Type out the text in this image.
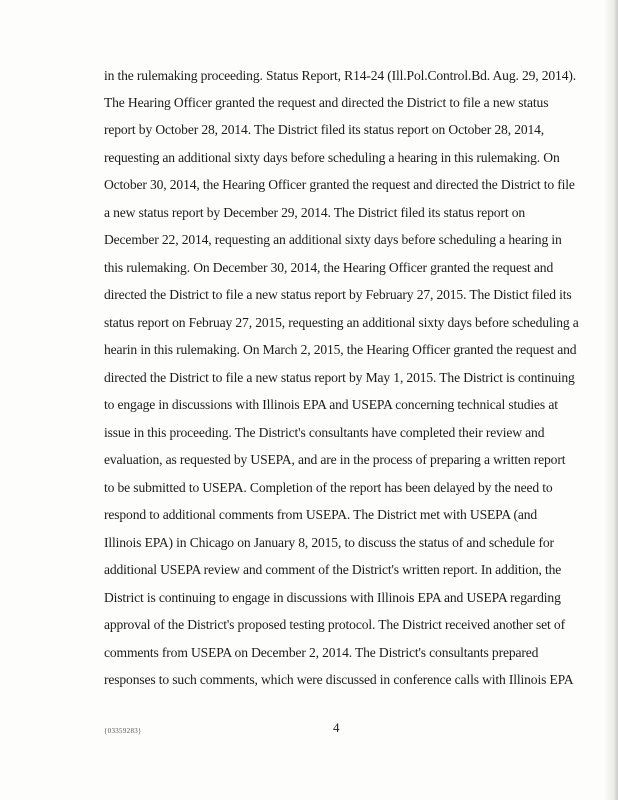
in the rulemaking proceeding. Status Report, R14-24 (Ill.Pol.Control.Bd. Aug. 29, 2014).
The Hearing Officer granted the request and directed the District to file a new status
report by October 28, 2014. The District filed its status report on October 28, 2014,
requesting an additional sixty days before scheduling a hearing in this rulemaking. On
October 30, 2014, the Hearing Officer granted the request and directed the District to file
a new status report by December 29, 2014. The District filed its status report on
December 22, 2014, requesting an additional sixty days before scheduling a hearing in
this rulemaking. On December 30, 2014, the Hearing Officer granted the request and
directed the District to file a new status report by February 27, 2015. The Distict filed its
status report on Februay 27, 2015, requesting an additional sixty days before scheduling a
hearin in this rulemaking. On March 2, 2015, the Hearing Officer granted the request and
directed the District to file a new status report by May 1, 2015. The District is continuing
to engage in discussions with Illinois EPA and USEPA concerning technical studies at
issue in this proceeding. The District's consultants have completed their review and
evaluation, as requested by USEPA, and are in the process of preparing a written report
to be submitted to USEPA. Completion of the report has been delayed by the need to
respond to additional comments from USEPA. The District met with USEPA (and
Illinois EPA) in Chicago on January 8, 2015, to discuss the status of and schedule for
additional USEPA review and comment of the District's written report. In addition, the
District is continuing to engage in discussions with Illinois EPA and USEPA regarding
approval of the District's proposed testing protocol. The District received another set of
comments from USEPA on December 2, 2014. The District's consultants prepared
responses to such comments, which were discussed in conference calls with Illinois EPA
{03359283}	4
